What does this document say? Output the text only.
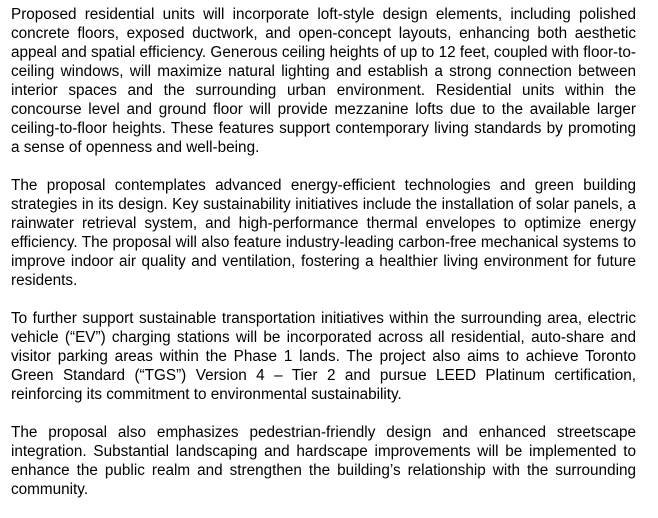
Proposed residential units will incorporate loft-style design elements, including polished concrete floors, exposed ductwork, and open-concept layouts, enhancing both aesthetic appeal and spatial efficiency. Generous ceiling heights of up to 12 feet, coupled with floor-to-ceiling windows, will maximize natural lighting and establish a strong connection between interior spaces and the surrounding urban environment. Residential units within the concourse level and ground floor will provide mezzanine lofts due to the available larger ceiling-to-floor heights. These features support contemporary living standards by promoting a sense of openness and well-being.

The proposal contemplates advanced energy-efficient technologies and green building strategies in its design. Key sustainability initiatives include the installation of solar panels, a rainwater retrieval system, and high-performance thermal envelopes to optimize energy efficiency. The proposal will also feature industry-leading carbon-free mechanical systems to improve indoor air quality and ventilation, fostering a healthier living environment for future residents.

To further support sustainable transportation initiatives within the surrounding area, electric vehicle (“EV”) charging stations will be incorporated across all residential, auto-share and visitor parking areas within the Phase 1 lands. The project also aims to achieve Toronto Green Standard (“TGS”) Version 4 – Tier 2 and pursue LEED Platinum certification, reinforcing its commitment to environmental sustainability.

The proposal also emphasizes pedestrian-friendly design and enhanced streetscape integration. Substantial landscaping and hardscape improvements will be implemented to enhance the public realm and strengthen the building’s relationship with the surrounding community.
